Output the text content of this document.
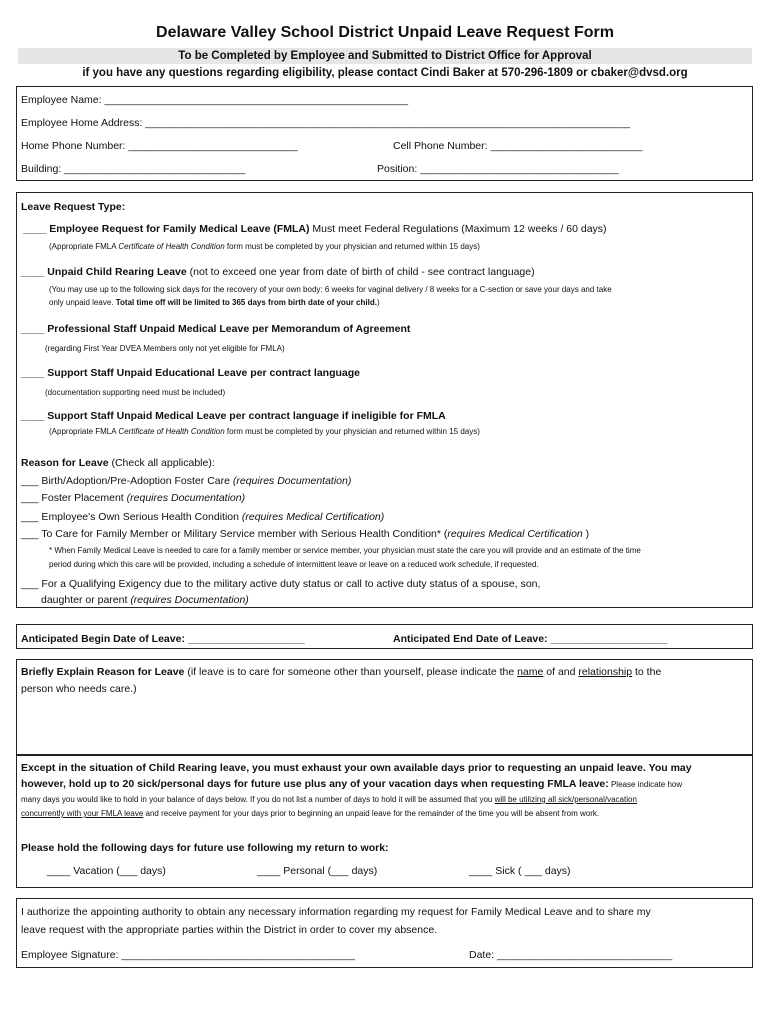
Delaware Valley School District Unpaid Leave Request Form
To be Completed by Employee and Submitted to District Office for Approval
if you have any questions regarding eligibility, please contact Cindi Baker at 570-296-1809 or cbaker@dvsd.org
Employee Name: ____________________________________________________
Employee Home Address: ___________________________________________________________________________________
Home Phone Number: _____________________________	Cell Phone Number: __________________________
Building: _______________________________	Position: __________________________________
Leave Request Type:
____ Employee Request for Family Medical Leave (FMLA) Must meet Federal Regulations (Maximum 12 weeks / 60 days)
(Appropriate FMLA Certificate of Health Condition form must be completed by your physician and returned within 15 days)
____ Unpaid Child Rearing Leave (not to exceed one year from date of birth of child - see contract language)
(You may use up to the following sick days for the recovery of your own body: 6 weeks for vaginal delivery / 8 weeks for a C-section or save your days and take
only unpaid leave. Total time off will be limited to 365 days from birth date of your child.)
____ Professional Staff Unpaid Medical Leave per Memorandum of Agreement
(regarding First Year DVEA Members only not yet eligible for FMLA)
____ Support Staff Unpaid Educational Leave per contract language
(documentation supporting need must be included)
____ Support Staff Unpaid Medical Leave per contract language if ineligible for FMLA
(Appropriate FMLA Certificate of Health Condition form must be completed by your physician and returned within 15 days)
Reason for Leave (Check all applicable):
___ Birth/Adoption/Pre-Adoption Foster Care (requires Documentation)
___ Foster Placement (requires Documentation)
___ Employee's Own Serious Health Condition (requires Medical Certification)
___ To Care for Family Member or Military Service member with Serious Health Condition* (requires Medical Certification )
* When Family Medical Leave is needed to care for a family member or service member, your physician must state the care you will provide and an estimate of the time
period during which this care will be provided, including a schedule of intermittent leave or leave on a reduced work schedule, if requested.
___ For a Qualifying Exigency due to the military active duty status or call to active duty status of a spouse, son,
daughter or parent (requires Documentation)
Anticipated Begin Date of Leave: ____________________	Anticipated End Date of Leave: ____________________
Briefly Explain Reason for Leave (if leave is to care for someone other than yourself, please indicate the name of and relationship to the
person who needs care.)
Except in the situation of Child Rearing leave, you must exhaust your own available days prior to requesting an unpaid leave. You may
however, hold up to 20 sick/personal days for future use plus any of your vacation days when requesting FMLA leave: Please indicate how
many days you would like to hold in your balance of days below. If you do not list a number of days to hold it will be assumed that you will be utilizing all sick/personal/vacation
concurrently with your FMLA leave and receive payment for your days prior to beginning an unpaid leave for the remainder of the time you will be absent from work.
Please hold the following days for future use following my return to work:
____ Vacation (___ days)	____ Personal (___ days)	____ Sick ( ___ days)
I authorize the appointing authority to obtain any necessary information regarding my request for Family Medical Leave and to share my
leave request with the appropriate parties within the District in order to cover my absence.
Employee Signature: ________________________________________	Date: ______________________________
